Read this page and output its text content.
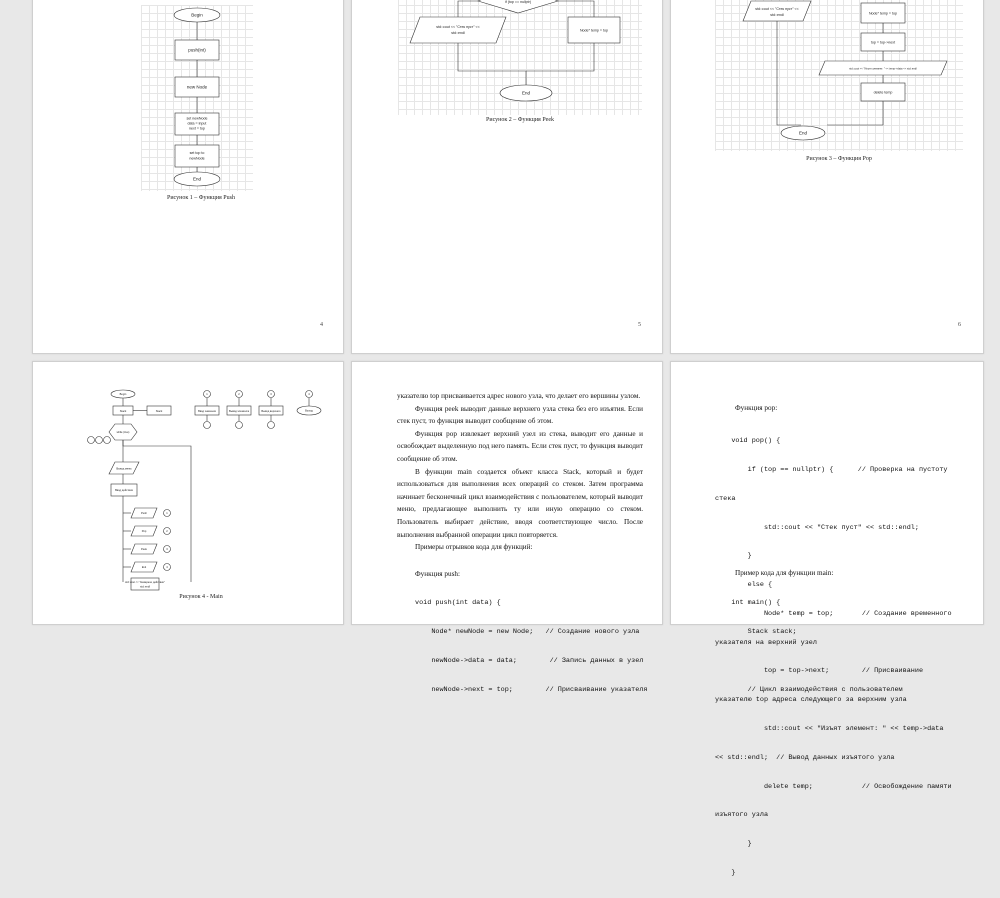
Begin
push(int)
new Node
set newNode
data = input
next = top
set top to
newNode
End
Рисунок 1 – Функция Push
4
if (top == nullptr)
std::cout << "Стек пуст" <<
std::endl
Node* temp = top
End
Рисунок 2 – Функция Peek
5
std::cout << "Стек пуст" <<
std::endl	Node* temp = top
top = top->next
std::cout << "Изъят элемент: " << temp->data << std::endl
delete temp
End
Рисунок 3 – Функция Pop
6
Begin
Stack	Stack
while (true)
Вывод меню
Ввод действия
Push	1
Pop	2
Peek	3
Exit	4
std::cout << "Неверное действие"
std::endl
1
Ввод значения
2
Вывод элемента
3
Вывод верхнего
4
Выход
Рисунок 4 - Main

указателю top присваивается адрес нового узла, что делает его вершины узлом.

Функция peek выводит данные верхнего узла стека без его изъятия. Если стек пуст, то функция выводит сообщение об этом.

Функция pop извлекает верхний узел из стека, выводит его данные и освобождает выделенную под него память. Если стек пуст, то функция выводит сообщение об этом.

В функции main создается объект класса Stack, который и будет использоваться для выполнения всех операций со стеком. Затем программа начинает бесконечный цикл взаимодействия с пользователем, который выводит меню, предлагающее выполнить ту или иную операцию со стеком. Пользователь выбирает действие, вводя соответствующее число. После выполнения выбранной операции цикл повторяется.

Примеры отрывков кода для функций:

Функция push:

void push(int data) {

Node* newNode = new Node;   // Создание нового узла

newNode->data = data;        // Запись данных в узел

newNode->next = top;        // Присваивание указателя

Функция pop:

void pop() {

if (top == nullptr) {      // Проверка на пустоту

стека

std::cout << "Стек пуст" << std::endl;

}

else {

Node* temp = top;       // Создание временного

указателя на верхний узел

top = top->next;        // Присваивание

указателю top адреса следующего за верхним узла

std::cout << "Изъят элемент: " << temp->data

<< std::endl;  // Вывод данных изъятого узла

delete temp;            // Освобождение памяти

изъятого узла

}

}

Пример кода для функции main:

int main() {

Stack stack;

// Цикл взаимодействия с пользователем
